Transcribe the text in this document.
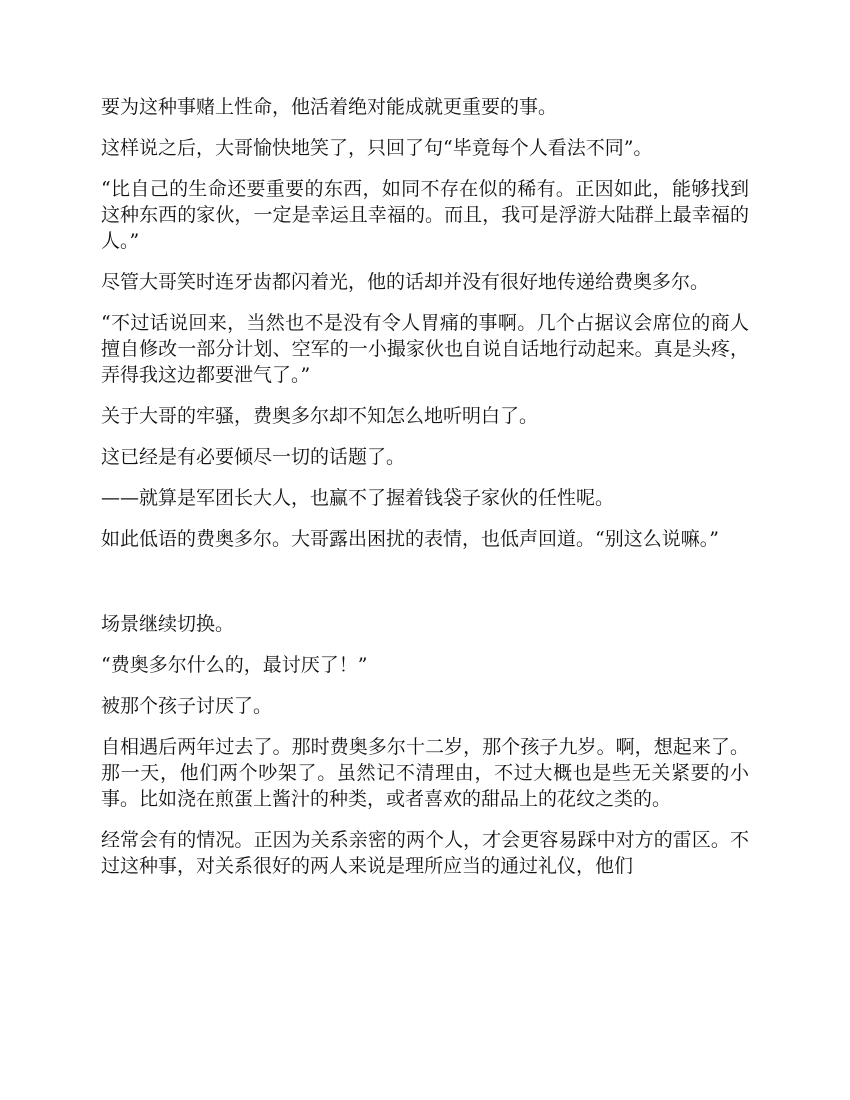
要为这种事赌上性命，他活着绝对能成就更重要的事。

这样说之后，大哥愉快地笑了，只回了句“毕竟每个人看法不同”。

“比自己的生命还要重要的东西，如同不存在似的稀有。正因如此，能够找到这种东西的家伙，一定是幸运且幸福的。而且，我可是浮游大陆群上最幸福的人。”

尽管大哥笑时连牙齿都闪着光，他的话却并没有很好地传递给费奥多尔。

“不过话说回来，当然也不是没有令人胃痛的事啊。几个占据议会席位的商人擅自修改一部分计划、空军的一小撮家伙也自说自话地行动起来。真是头疼，弄得我这边都要泄气了。”

关于大哥的牢骚，费奥多尔却不知怎么地听明白了。

这已经是有必要倾尽一切的话题了。

——就算是军团长大人，也赢不了握着钱袋子家伙的任性呢。

如此低语的费奥多尔。大哥露出困扰的表情，也低声回道。“别这么说嘛。”

场景继续切换。

“费奥多尔什么的，最讨厌了！”

被那个孩子讨厌了。

自相遇后两年过去了。那时费奥多尔十二岁，那个孩子九岁。啊，想起来了。那一天，他们两个吵架了。虽然记不清理由，不过大概也是些无关紧要的小事。比如浇在煎蛋上酱汁的种类，或者喜欢的甜品上的花纹之类的。

经常会有的情况。正因为关系亲密的两个人，才会更容易踩中对方的雷区。不过这种事，对关系很好的两人来说是理所应当的通过礼仪，他们
